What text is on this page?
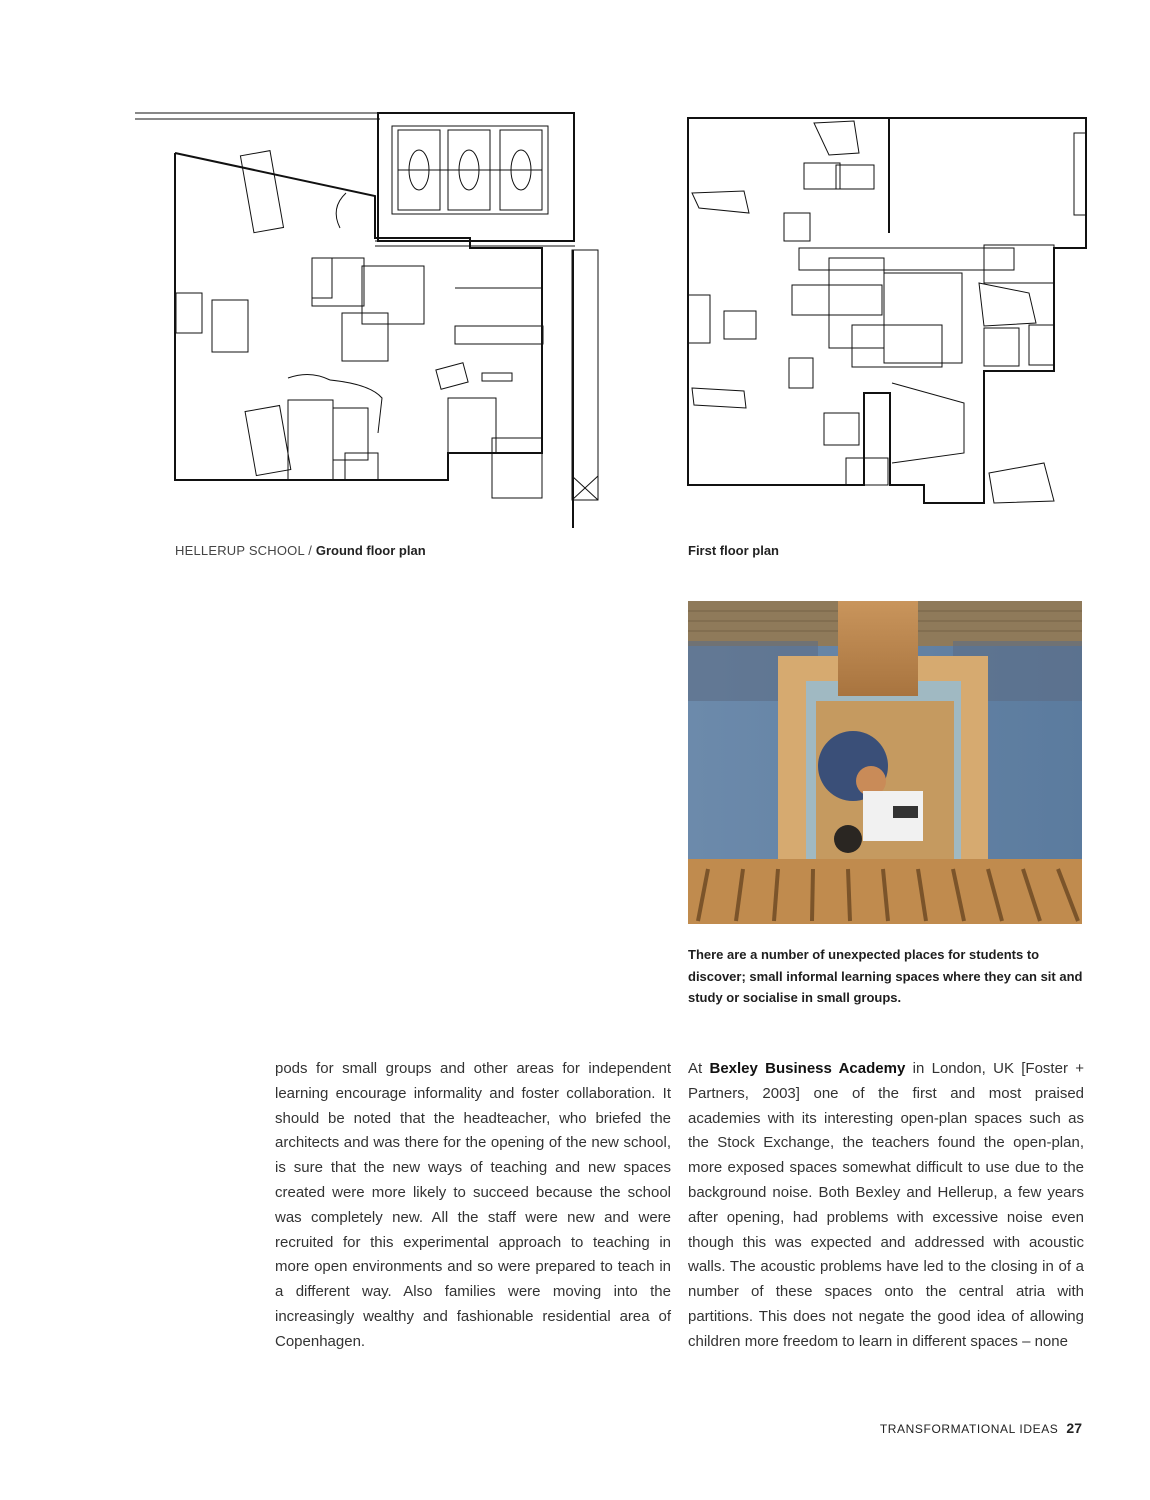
HELLERUP SCHOOL / Ground floor plan	First floor plan
There are a number of unexpected places for students to discover; small informal learning spaces where they can sit and study or socialise in small groups.
pods for small groups and other areas for independent learning encourage informality and foster collaboration. It should be noted that the headteacher, who briefed the architects and was there for the opening of the new school, is sure that the new ways of teaching and new spaces created were more likely to succeed because the school was completely new. All the staff were new and were recruited for this experimental approach to teaching in more open environments and so were prepared to teach in a different way. Also families were moving into the increasingly wealthy and fashionable residential area of Copenhagen.
At Bexley Business Academy in London, UK [Foster + Partners, 2003] one of the first and most praised academies with its interesting open-plan spaces such as the Stock Exchange, the teachers found the open-plan, more exposed spaces somewhat difficult to use due to the background noise. Both Bexley and Hellerup, a few years after opening, had problems with excessive noise even though this was expected and addressed with acoustic walls. The acoustic problems have led to the closing in of a number of these spaces onto the central atria with partitions. This does not negate the good idea of allowing children more freedom to learn in different spaces – none
TRANSFORMATIONAL IDEAS 27
